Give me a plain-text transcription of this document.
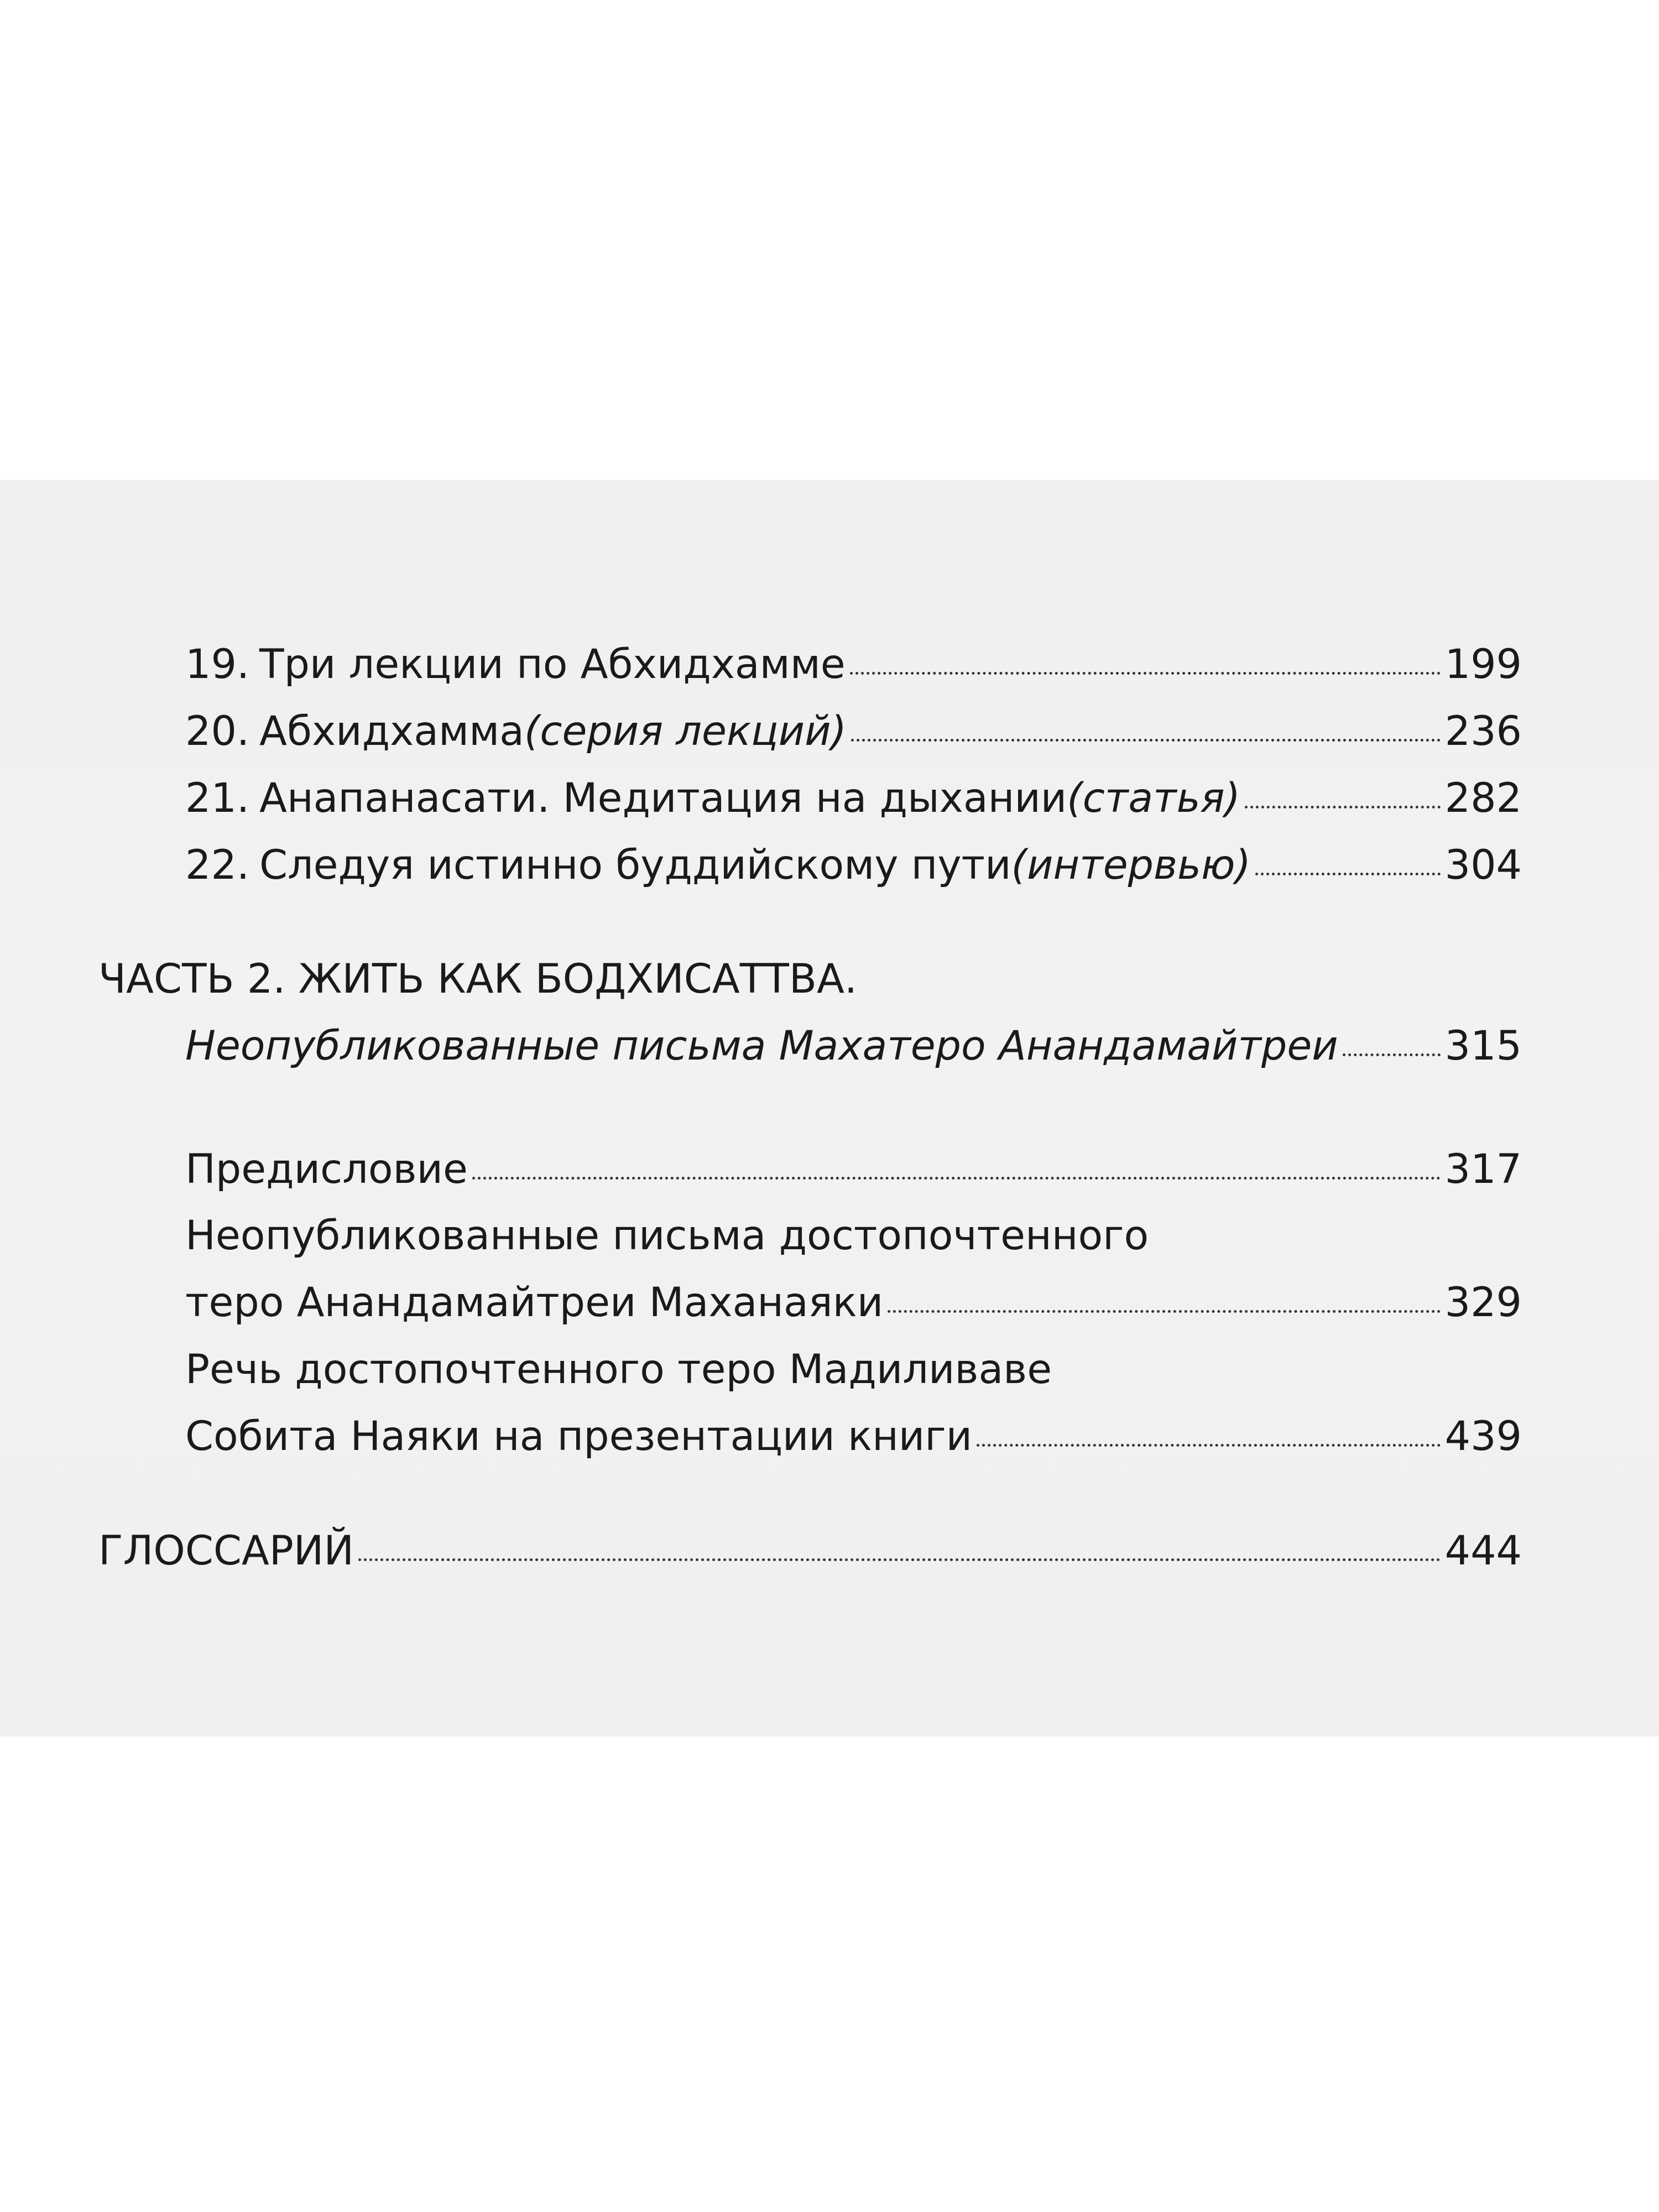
19. Три лекции по Абхидхамме	199
20. Абхидхамма (серия лекций)	236
21. Анапанасати. Медитация на дыхании (статья)	282
22. Следуя истинно буддийскому пути (интервью)	304
ЧАСТЬ 2. ЖИТЬ КАК БОДХИСАТТВА.
Неопубликованные письма Махатеро Анандамайтреи	315
Предисловие	317
Неопубликованные письма достопочтенного
теро Анандамайтреи Маханаяки	329
Речь достопочтенного теро Мадиливаве
Собита Наяки на презентации книги	439
ГЛОССАРИЙ	444
